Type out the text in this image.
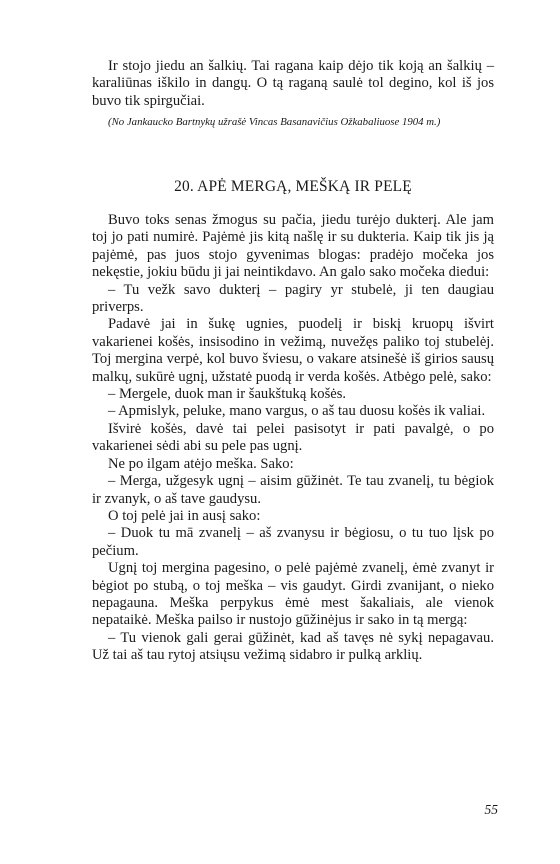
Ir stojo jiedu an šalkių. Tai ragana kaip dėjo tik koją an šalkių – karaliūnas iškilo in dangų. O tą raganą saulė tol degino, kol iš jos buvo tik spirgučiai.

(No Jankaucko Bartnykų užrašė Vincas Basanavičius Ožkabaliuose 1904 m.)

20. APĖ MERGĄ, MEŠKĄ IR PELĘ

Buvo toks senas žmogus su pačia, jiedu turėjo dukterį. Ale jam toj jo pati numirė. Pajėmė jis kitą našlę ir su dukteria. Kaip tik jis ją pajėmė, pas juos stojo gyvenimas blogas: pradėjo močeka jos nekęstie, jokiu būdu ji jai neintikdavo. An galo sako močeka diedui:

– Tu vežk savo dukterį – pagiry yr stubelė, ji ten daugiau priverps.

Padavė jai in šukę ugnies, puodelį ir biskį kruopų išvirt vakarienei košės, insisodino in vežimą, nuvežęs paliko toj stubelėj. Toj mergina verpė, kol buvo šviesu, o vakare atsinešė iš girios sausų malkų, sukūrė ugnį, užstatė puodą ir verda košės. Atbėgo pelė, sako:

– Mergele, duok man ir šaukštuką košės.

– Apmislyk, peluke, mano vargus, o aš tau duosu košės ik valiai.

Išvirė košės, davė tai pelei pasisotyt ir pati pavalgė, o po vakarienei sėdi abi su pele pas ugnį.

Ne po ilgam atėjo meška. Sako:

– Merga, užgesyk ugnį – aisim gūžinėt. Te tau zvanelį, tu bėgiok ir zvanyk, o aš tave gaudysu.

O toj pelė jai in ausį sako:

– Duok tu mā zvanelį – aš zvanysu ir bėgiosu, o tu tuo lįsk po pečium.

Ugnį toj mergina pagesino, o pelė pajėmė zvanelį, ėmė zvanyt ir bėgiot po stubą, o toj meška – vis gaudyt. Girdi zvanijant, o nieko nepagauna. Meška perpykus ėmė mest šakaliais, ale vienok nepataikė. Meška pailso ir nustojo gūžinėjus ir sako in tą mergą:

– Tu vienok gali gerai gūžinėt, kad aš tavęs nė sykį nepagavau. Už tai aš tau rytoj atsiųsu vežimą sidabro ir pulką arklių.

55
